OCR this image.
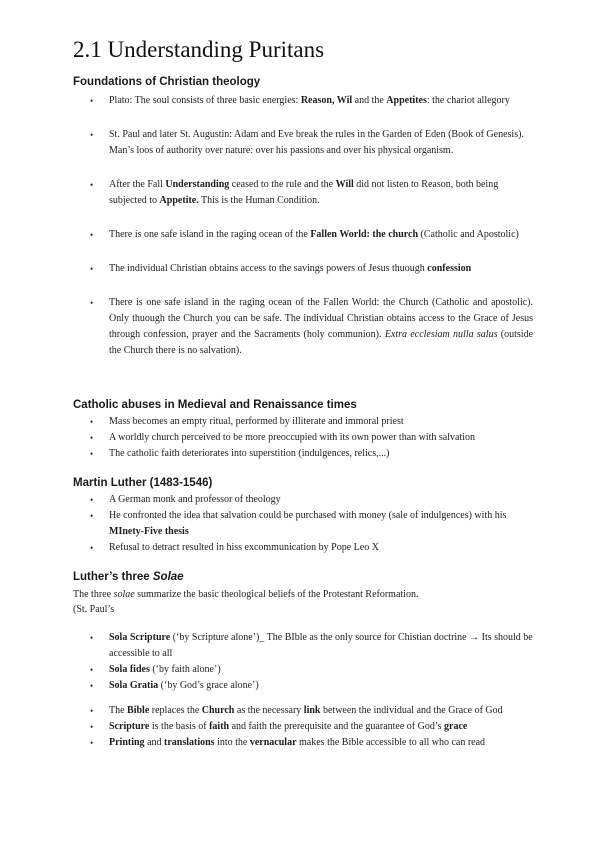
2.1 Understanding Puritans
Foundations of Christian theology
• Plato: The soul consists of three basic energies: Reason, Wil and the Appetites: the chariot allegory
• St. Paul and later St. Augustin: Adam and Eve break the rules in the Garden of Eden (Book of Genesis). Man’s loos of authority over nature: over his passions and over his physical organism.
• After the Fall Understanding ceased to the rule and the Will did not listen to Reason, both being subjected to Appetite. This is the Human Condition.
• There is one safe island in the raging ocean of the Fallen World: the church (Catholic and Apostolic)
• The individual Christian obtains access to the savings powers of Jesus thuough confession
• There is one safe island in the raging ocean of the Fallen World: the Church (Catholic and apostolic). Only thuough the Church you can be safe. The individual Christian obtains access to the Grace of Jesus through confession, prayer and the Sacraments (holy communion). Extra ecclesiam nulla salus (outside the Church there is no salvation).
Catholic abuses in Medieval and Renaissance times
• Mass becomes an empty ritual, performed by illiterate and immoral priest
• A worldly church perceived to be more preoccupied with its own power than with salvation
• The catholic faith deteriorates into superstition (indulgences, relics,...)
Martin Luther (1483-1546)
• A German monk and professor of theology
• He confronted the idea that salvation could be purchased with money (sale of indulgences) with his MInety-Five thesis
• Refusal to detract resulted in hiss excommunication by Pope Leo X
Luther’s three Solae

The three solae summarize the basic theological beliefs of the Protestant Reformation.

(St. Paul’s

• Sola Scripture (‘by Scripture alone’)_ The BIble as the only source for Chistian doctrine → Its should be accessible to all
• Sola fides (‘by faith alone’)
• Sola Gratia (‘by God’s grace alone’)
• The Bible replaces the Church as the necessary link between the individual and the Grace of God
• Scripture is the basis of faith and faith the prerequisite and the guarantee of God’s grace
• Printing and translations into the vernacular makes the Bible accessible to all who can read
